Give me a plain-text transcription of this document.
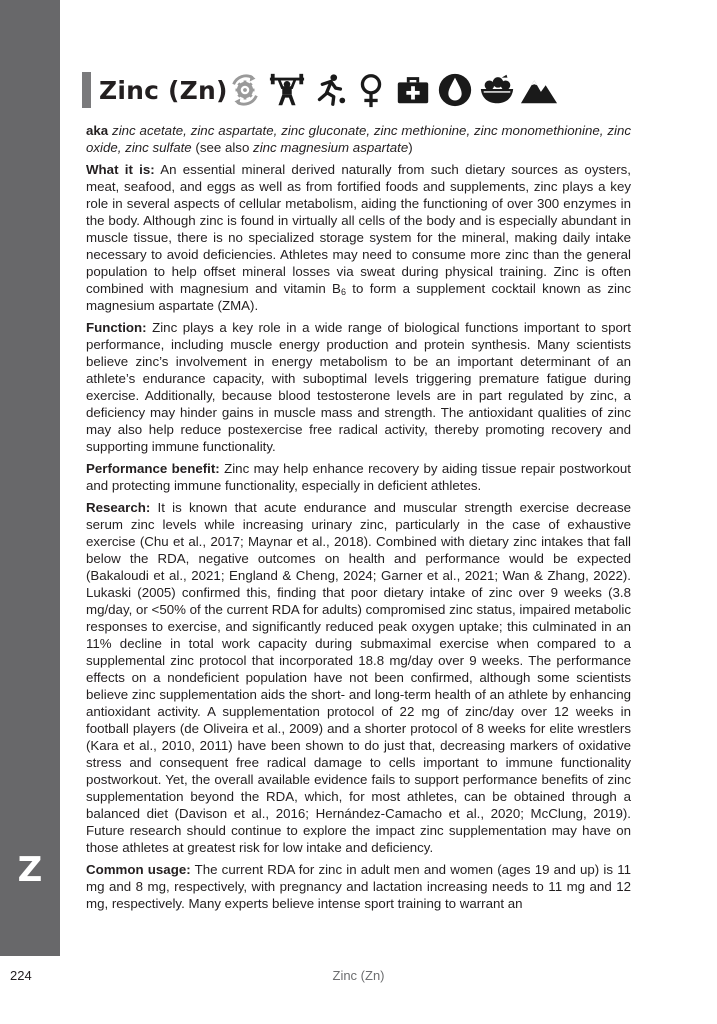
Z
Zinc (Zn)

aka zinc acetate, zinc aspartate, zinc gluconate, zinc methionine, zinc monomethionine, zinc oxide, zinc sulfate (see also zinc magnesium aspartate)

What it is: An essential mineral derived naturally from such dietary sources as oysters, meat, seafood, and eggs as well as from fortified foods and supplements, zinc plays a key role in several aspects of cellular metabolism, aiding the functioning of over 300 enzymes in the body. Although zinc is found in virtually all cells of the body and is especially abundant in muscle tissue, there is no specialized storage system for the mineral, making daily intake necessary to avoid deficiencies. Athletes may need to consume more zinc than the general population to help offset mineral losses via sweat during physical training. Zinc is often combined with magnesium and vitamin $B_6$ to form a supplement cocktail known as zinc magnesium aspartate (ZMA).

Function: Zinc plays a key role in a wide range of biological functions important to sport performance, including muscle energy production and protein synthesis. Many scientists believe zinc’s involvement in energy metabolism to be an important determinant of an athlete’s endurance capacity, with suboptimal levels triggering premature fatigue during exercise. Additionally, because blood testosterone levels are in part regulated by zinc, a deficiency may hinder gains in muscle mass and strength. The antioxidant qualities of zinc may also help reduce postexercise free radical activity, thereby promoting recovery and supporting immune functionality.

Performance benefit: Zinc may help enhance recovery by aiding tissue repair postworkout and protecting immune functionality, especially in deficient athletes.

Research: It is known that acute endurance and muscular strength exercise decrease serum zinc levels while increasing urinary zinc, particularly in the case of exhaustive exercise (Chu et al., 2017; Maynar et al., 2018). Combined with dietary zinc intakes that fall below the RDA, negative outcomes on health and performance would be expected (Bakaloudi et al., 2021; England & Cheng, 2024; Garner et al., 2021; Wan & Zhang, 2022). Lukaski (2005) confirmed this, finding that poor dietary intake of zinc over 9 weeks (3.8 mg/day, or <50% of the current RDA for adults) compromised zinc status, impaired metabolic responses to exercise, and significantly reduced peak oxygen uptake; this culminated in an 11% decline in total work capacity during submaximal exercise when compared to a supplemental zinc protocol that incorporated 18.8 mg/day over 9 weeks. The performance effects on a nondeficient population have not been confirmed, although some scientists believe zinc supplementation aids the short- and long-term health of an athlete by enhancing antioxidant activity. A supplementation protocol of 22 mg of zinc/​day over 12 weeks in football players (de Oliveira et al., 2009) and a shorter protocol of 8 weeks for elite wrestlers (Kara et al., 2010, 2011) have been shown to do just that, decreasing markers of oxidative stress and consequent free radical damage to cells important to immune functionality postworkout. Yet, the overall available evidence fails to support performance benefits of zinc supplementation beyond the RDA, which, for most athletes, can be obtained through a balanced diet (Davison et al., 2016; Hernández-​Camacho et al., 2020; McClung, 2019). Future research should continue to explore the impact zinc supplementation may have on those athletes at greatest risk for low intake and deficiency.

Common usage: The current RDA for zinc in adult men and women (ages 19 and up) is 11 mg and 8 mg, respectively, with pregnancy and lactation increasing needs to 11 mg and 12 mg, respectively. Many experts believe intense sport training to warrant an

224	Zinc (Zn)
